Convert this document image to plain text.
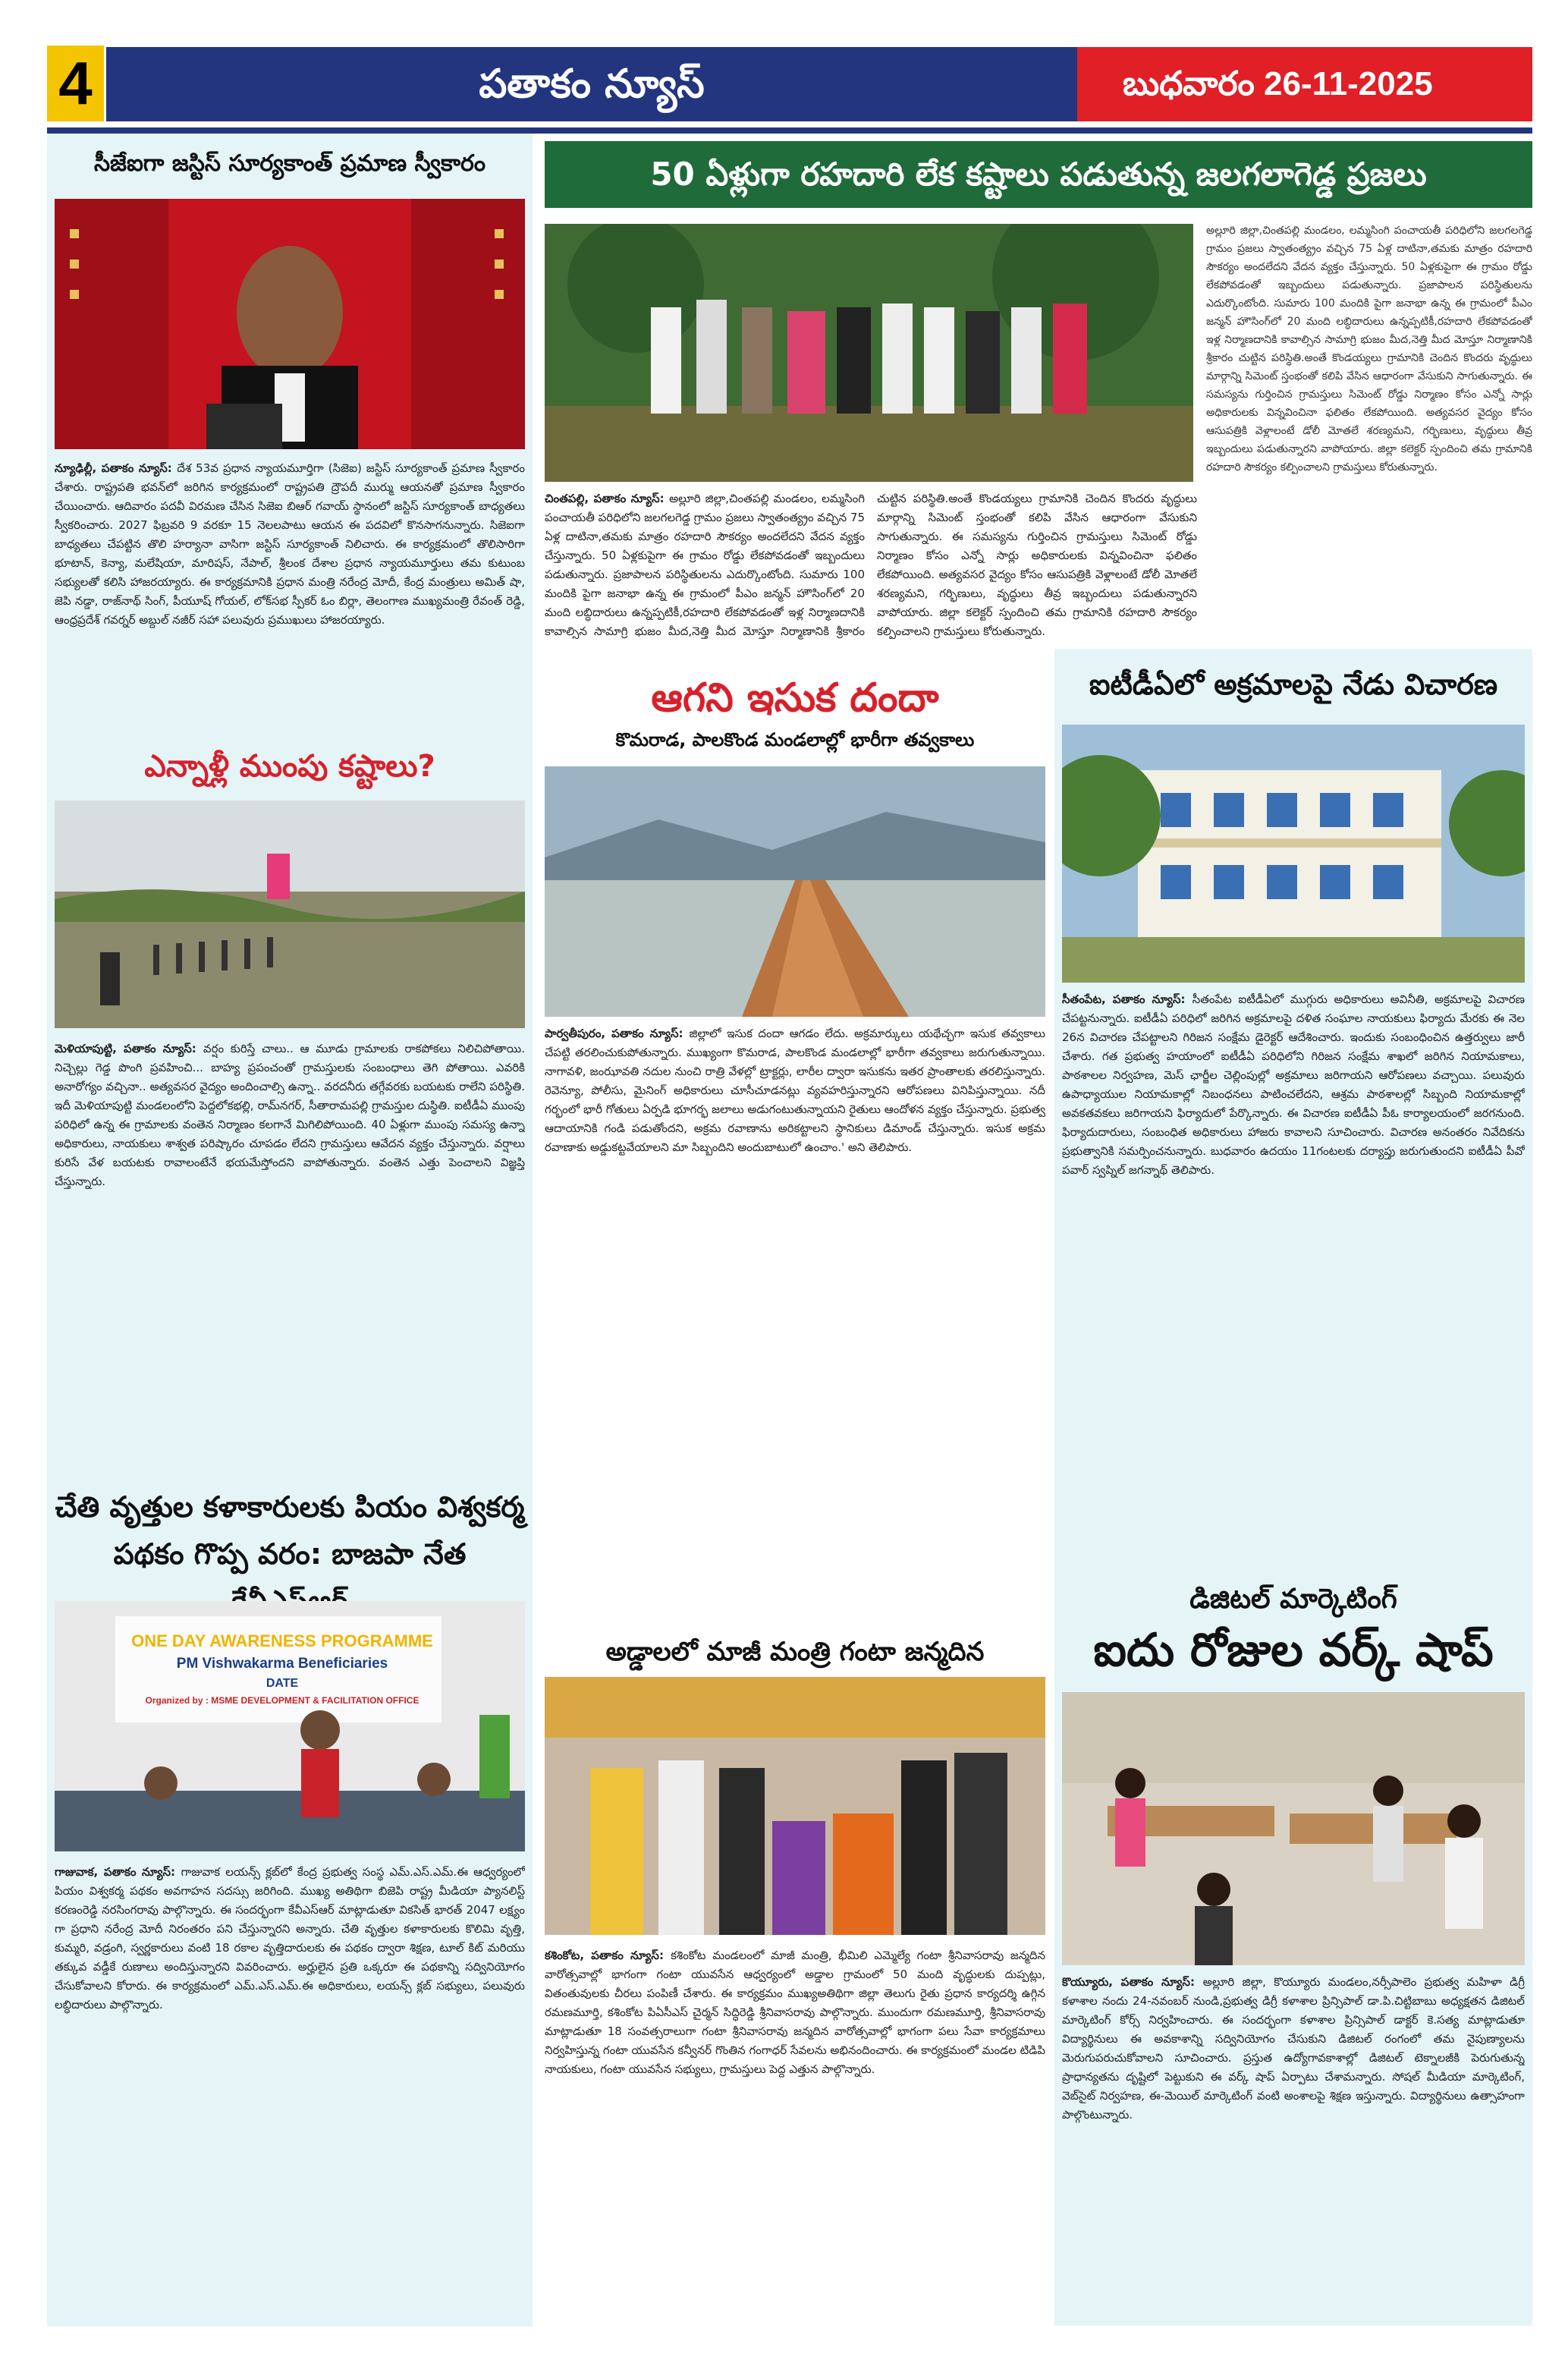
4	పతాకం న్యూస్	బుధవారం 26-11-2025
సీజేఐగా జస్టిస్ సూర్యకాంత్ ప్రమాణ స్వీకారం
న్యూఢిల్లీ, పతాకం న్యూస్: దేశ 53వ ప్రధాన న్యాయమూర్తిగా (సిజెఐ) జస్టిస్ సూర్యకాంత్ ప్రమాణ స్వీకారం చేశారు. రాష్ట్రపతి భవన్‌లో జరిగిన కార్యక్రమంలో రాష్ట్రపతి ద్రౌపదీ ముర్ము ఆయనతో ప్రమాణ స్వీకారం చేయించారు. ఆదివారం పదవీ విరమణ చేసిన సిజెఐ బిఆర్ గవాయ్ స్థానంలో జస్టిస్ సూర్యకాంత్ బాధ్యతలు స్వీకరించారు. 2027 ఫిబ్రవరి 9 వరకూ 15 నెలలపాటు ఆయన ఈ పదవిలో కొనసాగనున్నారు. సిజెఐగా బాధ్యతలు చేపట్టిన తొలి హర్యానా వాసిగా జస్టిస్ సూర్యకాంత్ నిలిచారు. ఈ కార్యక్రమంలో తొలిసారిగా భూటాన్, కెన్యా, మలేషియా, మారిషస్, నేపాల్, శ్రీలంక దేశాల ప్రధాన న్యాయమూర్తులు తమ కుటుంబ సభ్యులతో కలిసి హాజరయ్యారు. ఈ కార్యక్రమానికి ప్రధాన మంత్రి నరేంద్ర మోదీ, కేంద్ర మంత్రులు అమిత్ షా, జెపి నడ్డా, రాజ్‌నాథ్ సింగ్, పీయూష్ గోయల్, లోక్‌సభ స్పీకర్ ఓం బిర్లా, తెలంగాణ ముఖ్యమంత్రి రేవంత్ రెడ్డి, ఆంధ్రప్రదేశ్ గవర్నర్ అబ్దుల్ నజీర్ సహా పలువురు ప్రముఖులు హాజరయ్యారు.
ఎన్నాళ్లీ ముంపు కష్టాలు?
మెళియాపుట్టి, పతాకం న్యూస్: వర్షం కురిస్తే చాలు.. ఆ మూడు గ్రామాలకు రాకపోకలు నిలిచిపోతాయి. నిచ్చెల్లు గెడ్డ పొంగి ప్రవహించి... బాహ్య ప్రపంచంతో గ్రామస్తులకు సంబంధాలు తెగి పోతాయి. ఎవరికి అనారోగ్యం వచ్చినా.. అత్యవసర వైద్యం అందించాల్సి ఉన్నా.. వరదనీరు తగ్గేవరకు బయటకు రాలేని పరిస్థితి. ఇదీ మెళియాపుట్టి మండలంలోని పెద్దలోకభల్లి, రామ్‌నగర్, సీతారామపల్లి గ్రామస్తుల దుస్థితి. ఐటీడీఏ ముంపు పరిధిలో ఉన్న ఈ గ్రామాలకు వంతెన నిర్మాణం కలగానే మిగిలిపోయింది. 40 ఏళ్లుగా ముంపు సమస్య ఉన్నా అధికారులు, నాయకులు శాశ్వత పరిష్కారం చూపడం లేదని గ్రామస్తులు ఆవేదన వ్యక్తం చేస్తున్నారు. వర్షాలు కురిసే వేళ బయటకు రావాలంటేనే భయమేస్తోందని వాపోతున్నారు. వంతెన ఎత్తు పెంచాలని విజ్ఞప్తి చేస్తున్నారు.
చేతి వృత్తుల కళాకారులకు పియం విశ్వకర్మ పథకం గొప్ప వరం: బాజపా నేత
ONE DAY AWARENESS PROGRAMME
PM Vishwakarma Beneficiaries
DATE
Organized by : MSME DEVELOPMENT & FACILITATION OFFICE
గాజువాక, పతాకం న్యూస్: గాజువాక లయన్స్ క్లబ్‌లో కేంద్ర ప్రభుత్వ సంస్థ ఎమ్.ఎస్.ఎమ్.ఈ ఆధ్వర్యంలో పియం విశ్వకర్మ పథకం అవగాహన సదస్సు జరిగింది. ముఖ్య అతిథిగా బిజెపి రాష్ట్ర మీడియా ప్యానలిస్ట్ కరణంరెడ్డి నరసింగరావు పాల్గొన్నారు. ఈ సందర్భంగా కేవీఎస్ఆర్ మాట్లాడుతూ వికసిత్ భారత్ 2047 లక్ష్యం గా ప్రధాని నరేంద్ర మోదీ నిరంతరం పని చేస్తున్నారని అన్నారు. చేతి వృత్తుల కళాకారులకు కొలిమి వృత్తి, కుమ్మరి, వడ్రంగి, స్వర్ణకారులు వంటి 18 రకాల వృత్తిదారులకు ఈ పథకం ద్వారా శిక్షణ, టూల్ కిట్ మరియు తక్కువ వడ్డీకే రుణాలు అందిస్తున్నారని వివరించారు. అర్హులైన ప్రతి ఒక్కరూ ఈ పథకాన్ని సద్వినియోగం చేసుకోవాలని కోరారు. ఈ కార్యక్రమంలో ఎమ్.ఎస్.ఎమ్.ఈ అధికారులు, లయన్స్ క్లబ్ సభ్యులు, పలువురు లబ్ధిదారులు పాల్గొన్నారు.
50 ఏళ్లుగా రహదారి లేక కష్టాలు పడుతున్న జలగలాగెడ్డ ప్రజలు
చింతపల్లి, పతాకం న్యూస్: అల్లూరి జిల్లా,చింతపల్లి మండలం, లమ్మసింగి పంచాయతీ పరిధిలోని జలగలగెడ్డ గ్రామం ప్రజలు స్వాతంత్య్రం వచ్చిన 75 ఏళ్ల దాటినా,తమకు మాత్రం రహదారి సౌకర్యం అందలేదని వేదన వ్యక్తం చేస్తున్నారు. 50 ఏళ్లకుపైగా ఈ గ్రామం రోడ్డు లేకపోవడంతో ఇబ్బందులు పడుతున్నారు. ప్రజాపాలన పరిస్థితులను ఎదుర్కొంటోంది. సుమారు 100 మందికి పైగా జనాభా ఉన్న ఈ గ్రామంలో పీఎం జన్మన్ హౌసింగ్‌లో 20 మంది లబ్ధిదారులు ఉన్నప్పటికీ,రహదారి లేకపోవడంతో ఇళ్ల నిర్మాణదానికి కావాల్సిన సామాగ్రి భుజం మీద,నెత్తి మీద మోస్తూ నిర్మాణానికి శ్రీకారం చుట్టిన పరిస్థితి.అంతే కొండయ్యలు గ్రామానికి చెందిన కొందరు వృద్ధులు మార్గాన్ని సిమెంట్ స్తంభంతో కలిపి వేసిన ఆధారంగా వేసుకుని సాగుతున్నారు. ఈ సమస్యను గుర్తించిన గ్రామస్తులు సిమెంట్ రోడ్డు నిర్మాణం కోసం ఎన్నో సార్లు అధికారులకు విన్నవించినా ఫలితం లేకపోయింది. అత్యవసర వైద్యం కోసం ఆసుపత్రికి వెళ్లాలంటే డోలీ మోతలే శరణ్యమని, గర్భిణులు, వృద్ధులు తీవ్ర ఇబ్బందులు పడుతున్నారని వాపోయారు. జిల్లా కలెక్టర్ స్పందించి తమ గ్రామానికి రహదారి సౌకర్యం కల్పించాలని గ్రామస్తులు కోరుతున్నారు.
అల్లూరి జిల్లా,చింతపల్లి మండలం, లమ్మసింగి పంచాయతీ పరిధిలోని జలగలగెడ్డ గ్రామం ప్రజలు స్వాతంత్య్రం వచ్చిన 75 ఏళ్ల దాటినా,తమకు మాత్రం రహదారి సౌకర్యం అందలేదని వేదన వ్యక్తం చేస్తున్నారు. 50 ఏళ్లకుపైగా ఈ గ్రామం రోడ్డు లేకపోవడంతో ఇబ్బందులు పడుతున్నారు. ప్రజాపాలన పరిస్థితులను ఎదుర్కొంటోంది. సుమారు 100 మందికి పైగా జనాభా ఉన్న ఈ గ్రామంలో పీఎం జన్మన్ హౌసింగ్‌లో 20 మంది లబ్ధిదారులు ఉన్నప్పటికీ,రహదారి లేకపోవడంతో ఇళ్ల నిర్మాణదానికి కావాల్సిన సామాగ్రి భుజం మీద,నెత్తి మీద మోస్తూ నిర్మాణానికి శ్రీకారం చుట్టిన పరిస్థితి.అంతే కొండయ్యలు గ్రామానికి చెందిన కొందరు వృద్ధులు మార్గాన్ని సిమెంట్ స్తంభంతో కలిపి వేసిన ఆధారంగా వేసుకుని సాగుతున్నారు. ఈ సమస్యను గుర్తించిన గ్రామస్తులు సిమెంట్ రోడ్డు నిర్మాణం కోసం ఎన్నో సార్లు అధికారులకు విన్నవించినా ఫలితం లేకపోయింది. అత్యవసర వైద్యం కోసం ఆసుపత్రికి వెళ్లాలంటే డోలీ మోతలే శరణ్యమని, గర్భిణులు, వృద్ధులు తీవ్ర ఇబ్బందులు పడుతున్నారని వాపోయారు. జిల్లా కలెక్టర్ స్పందించి తమ గ్రామానికి రహదారి సౌకర్యం కల్పించాలని గ్రామస్తులు కోరుతున్నారు.
ఆగని ఇసుక దందా
కొమరాడ, పాలకొండ మండలాల్లో భారీగా తవ్వకాలు
పార్వతీపురం, పతాకం న్యూస్: జిల్లాలో ఇసుక దందా ఆగడం లేదు. అక్రమార్కులు యథేచ్ఛగా ఇసుక తవ్వకాలు చేపట్టి తరలించుకుపోతున్నారు. ముఖ్యంగా కొమరాడ, పాలకొండ మండలాల్లో భారీగా తవ్వకాలు జరుగుతున్నాయి. నాగావళి, జంఝావతి నదుల నుంచి రాత్రి వేళల్లో ట్రాక్టర్లు, లారీల ద్వారా ఇసుకను ఇతర ప్రాంతాలకు తరలిస్తున్నారు. రెవెన్యూ, పోలీసు, మైనింగ్ అధికారులు చూసీచూడనట్లు వ్యవహరిస్తున్నారని ఆరోపణలు వినిపిస్తున్నాయి. నదీ గర్భంలో భారీ గోతులు ఏర్పడి భూగర్భ జలాలు అడుగంటుతున్నాయని రైతులు ఆందోళన వ్యక్తం చేస్తున్నారు. ప్రభుత్వ ఆదాయానికి గండి పడుతోందని, అక్రమ రవాణాను అరికట్టాలని స్థానికులు డిమాండ్ చేస్తున్నారు. ఇసుక అక్రమ రవాణాకు అడ్డుకట్టవేయాలని మా సిబ్బందిని అందుబాటులో ఉంచాం.' అని తెలిపారు.
అడ్డాలలో మాజీ మంత్రి గంటా జన్మదిన
కశింకోట, పతాకం న్యూస్: కశింకోట మండలంలో మాజీ మంత్రి, భీమిలి ఎమ్మెల్యే గంటా శ్రీనివాసరావు జన్మదిన వారోత్సవాల్లో భాగంగా గంటా యువసేన ఆధ్వర్యంలో అడ్డాల గ్రామంలో 50 మంది వృద్ధులకు దుప్పట్లు, వితంతువులకు చీరలు పంపిణీ చేశారు. ఈ కార్యక్రమం ముఖ్యఅతిథిగా జిల్లా తెలుగు రైతు ప్రధాన కార్యదర్శి ఉగ్గిన రమణమూర్తి, కశింకోట పిఏసీఎస్ చైర్మన్ సిద్ధిరెడ్డి శ్రీనివాసరావు పాల్గొన్నారు. ముందుగా రమణమూర్తి, శ్రీనివాసరావు మాట్లాడుతూ 18 సంవత్సరాలుగా గంటా శ్రీనివాసరావు జన్మదిన వారోత్సవాల్లో భాగంగా పలు సేవా కార్యక్రమాలు నిర్వహిస్తున్న గంటా యువసేన కన్వీనర్ గొంతిన గంగాధర్ సేవలను అభినందించారు. ఈ కార్యక్రమంలో మండల టిడిపి నాయకులు, గంటా యువసేన సభ్యులు, గ్రామస్తులు పెద్ద ఎత్తున పాల్గొన్నారు.
ఐటీడీఏలో అక్రమాలపై నేడు విచారణ
సీతంపేట, పతాకం న్యూస్: సీతంపేట ఐటీడీఏలో ముగ్గురు అధికారులు అవినీతి, అక్రమాలపై విచారణ చేపట్టనున్నారు. ఐటీడీఏ పరిధిలో జరిగిన అక్రమాలపై దళిత సంఘాల నాయకులు ఫిర్యాదు మేరకు ఈ నెల 26న విచారణ చేపట్టాలని గిరిజన సంక్షేమ డైరెక్టర్ ఆదేశించారు. ఇందుకు సంబంధించిన ఉత్తర్వులు జారీ చేశారు. గత ప్రభుత్వ హయాంలో ఐటీడీఏ పరిధిలోని గిరిజన సంక్షేమ శాఖలో జరిగిన నియామకాలు, పాఠశాలల నిర్వహణ, మెస్ ఛార్జీల చెల్లింపుల్లో అక్రమాలు జరిగాయని ఆరోపణలు వచ్చాయి. పలువురు ఉపాధ్యాయుల నియామకాల్లో నిబంధనలు పాటించలేదని, ఆశ్రమ పాఠశాలల్లో సిబ్బంది నియామకాల్లో అవకతవకలు జరిగాయని ఫిర్యాదులో పేర్కొన్నారు. ఈ విచారణ ఐటీడీఏ పీఓ కార్యాలయంలో జరగనుంది. ఫిర్యాదుదారులు, సంబంధిత అధికారులు హాజరు కావాలని సూచించారు. విచారణ అనంతరం నివేదికను ప్రభుత్వానికి సమర్పించనున్నారు. బుధవారం ఉదయం 11గంటలకు దర్యాప్తు జరుగుతుందని ఐటీడీఏ పీవో పవార్ స్వప్నిల్ జగన్నాథ్ తెలిపారు.
డిజిటల్ మార్కెటింగ్
ఐదు రోజుల వర్క్ షాప్
కొయ్యూరు, పతాకం న్యూస్: అల్లూరి జిల్లా, కొయ్యూరు మండలం,నర్సీపాలెం ప్రభుత్వ మహిళా డిగ్రీ కళాశాల నందు 24-నవంబర్ నుండి,ప్రభుత్వ డిగ్రీ కళాశాల ప్రిన్సిపాల్ డా.పి.చిట్టిబాబు అధ్యక్షతన డిజిటల్ మార్కెటింగ్ కోర్స్ నిర్వహించారు. ఈ సందర్భంగా కళాశాల ప్రిన్సిపాల్ డాక్టర్ కె.సత్య మాట్లాడుతూ విద్యార్థినులు ఈ అవకాశాన్ని సద్వినియోగం చేసుకుని డిజిటల్ రంగంలో తమ నైపుణ్యాలను మెరుగుపరుచుకోవాలని సూచించారు. ప్రస్తుత ఉద్యోగావకాశాల్లో డిజిటల్ టెక్నాలజీకి పెరుగుతున్న ప్రాధాన్యతను దృష్టిలో పెట్టుకుని ఈ వర్క్ షాప్ ఏర్పాటు చేశామన్నారు. సోషల్ మీడియా మార్కెటింగ్, వెబ్‌సైట్ నిర్వహణ, ఈ-మెయిల్ మార్కెటింగ్ వంటి అంశాలపై శిక్షణ ఇస్తున్నారు. విద్యార్థినులు ఉత్సాహంగా పాల్గొంటున్నారు.
